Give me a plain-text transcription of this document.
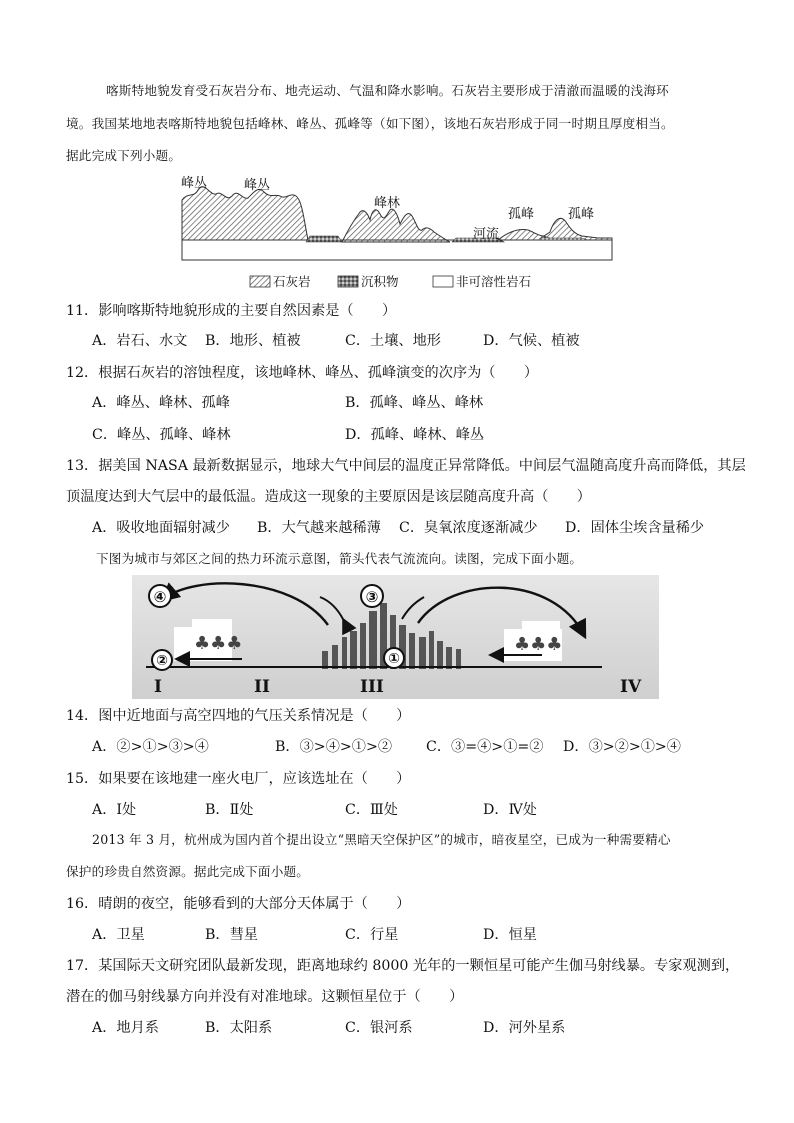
喀斯特地貌发育受石灰岩分布、地壳运动、气温和降水影响。石灰岩主要形成于清澈而温暖的浅海环
境。我国某地地表喀斯特地貌包括峰林、峰丛、孤峰等（如下图），该地石灰岩形成于同一时期且厚度相当。
据此完成下列小题。
峰丛	峰丛
峰林
河流
孤峰	孤峰
石灰岩	沉积物	非可溶性岩石
11．影响喀斯特地貌形成的主要自然因素是（　　）
A．岩石、水文 B．地形、植被	C．土壤、地形	D．气候、植被
12．根据石灰岩的溶蚀程度，该地峰林、峰丛、孤峰演变的次序为（　　）
A．峰丛、峰林、孤峰	B．孤峰、峰丛、峰林
C．峰丛、孤峰、峰林	D．孤峰、峰林、峰丛
13．据美国 NASA 最新数据显示，地球大气中间层的温度正异常降低。中间层气温随高度升高而降低，其层
顶温度达到大气层中的最低温。造成这一现象的主要原因是该层随高度升高（　　）
A．吸收地面辐射减少 B．大气越来越稀薄 C．臭氧浓度逐渐减少 D．固体尘埃含量稀少
下图为城市与郊区之间的热力环流示意图，箭头代表气流流向。读图，完成下面小题。
♣♣♣	♣♣♣
④	③
②	①
I	II	III	IV
14．图中近地面与高空四地的气压关系情况是（　　）
A．②>①>③>④	B．③>④>①>② C．③=④>①=② D．③>②>①>④
15．如果要在该地建一座火电厂，应该选址在（　　）
A．Ⅰ处	B．Ⅱ处	C．Ⅲ处	D．Ⅳ处
2013 年 3 月，杭州成为国内首个提出设立“黑暗天空保护区”的城市，暗夜星空，已成为一种需要精心
保护的珍贵自然资源。据此完成下面小题。
16．晴朗的夜空，能够看到的大部分天体属于（　　）
A．卫星	B．彗星	C．行星	D．恒星
17．某国际天文研究团队最新发现，距离地球约 8000 光年的一颗恒星可能产生伽马射线暴。专家观测到，
潜在的伽马射线暴方向并没有对准地球。这颗恒星位于（　　）
A．地月系	B．太阳系	C．银河系	D．河外星系
